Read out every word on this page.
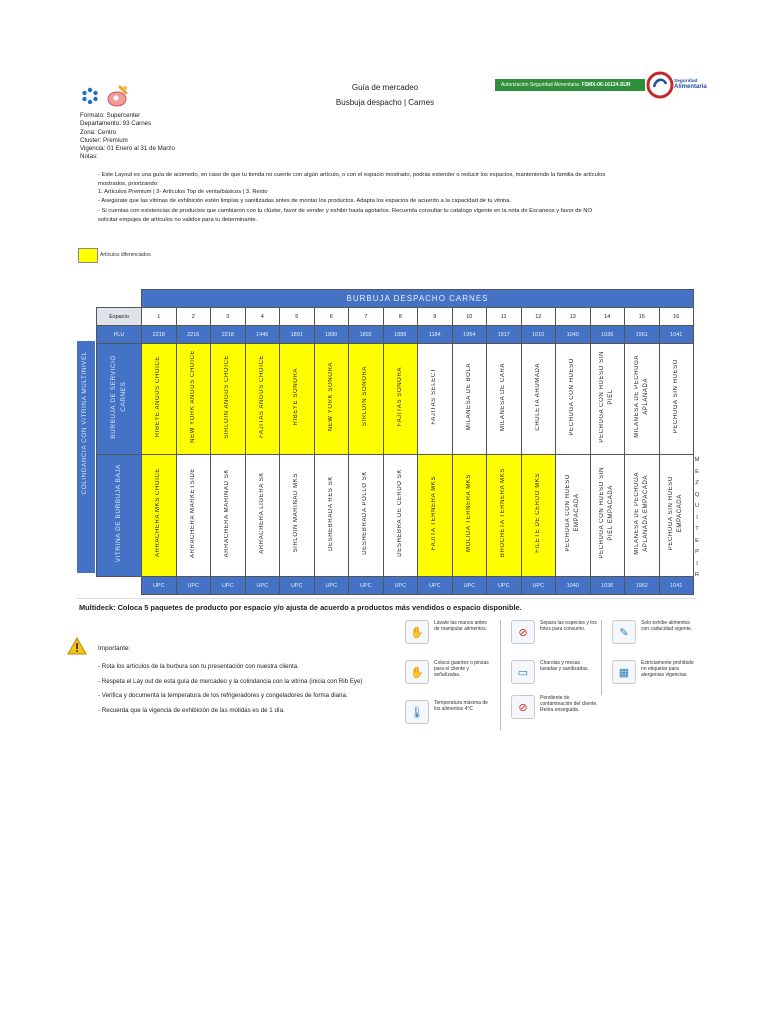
Guía de mercadeo
Busbuja despacho | Carnes
Autorización Seguridad Alimentaria: FSMX-06-16124-SUR
Seguridad
Alimentaria
Formato: Supercenter
Departamento: 93 Carnes
Zona: Centro
Cluster: Premium
Vigencia: 01 Enero al 31 de Marzo
Notas:

- Este Layout es una guía de acomodo, en caso de que tu tienda no cuente con algún artículo, o con el espacio mostrado, podrás extender o reducir los espacios, manteniendo la familia de artículos

mostrados, priorizando:

1. Artículos Premium | 2- Artículos Top de venta/básicos | 3. Resto

- Asegúrate que las vitrinas de exhibición estén limpias y sanitizadas antes de montar los productos. Adapta los espacios de acuerdo a la capacidad de tu vitrina.

- Si cuentas con existencias de productos que cambiaron con tu clúster, favor de vender y exhibir hasta agotarlos. Recuerda consultar tu catalogo vigente en la nota de Escaneos y favor de NO

solicitar empujes de artículos no validos para tu determinante.

Artículos diferenciados
COLINDANCIA CON VITRINA MULTINIVEL
	BURBUJA DESPACHO CARNES															
Espacio	1	2	3	4	5	6	7	8	9	10	11	12	13	14	15	16
PLU	2218	2216	2218	1446	1891	1890	1892	1889	1184	1954	1917	1010	1040	1036	1961	1041
BURBUJA DE SERVICIO
CARNES	RIBEYE ANGUS CHOICE	NEW YORK ANGUS CHOICE	SIRLOIN ANGUS CHOICE	FAJITAS ANGUS CHOICE	RIBEYE SONORA	NEW YORK SONORA	SIRLOIN SONORA	FAJITAS SONORA	FAJITAS SELECT	MILANESA DE BOLA	MILANESA DE CARA	CHULETA AHUMADA	PECHUGA CON HUESO	PECHUGA CON HUESO SIN
PIEL	MILANESA DE PECHUGA
APLANADA	PECHUGA SIN HUESO
VITRINA DE BURBUJA BAJA	ARRACHERA MKS CHOICE	ARRACHERA MARKETSIDE	ARRACHERA MARINAD SK	ARRACHERA LIGERA SK	SIRLOIN MARINAD MKS	DESHEBRADA RES SK	DESHEBRADA POLLO SK	DESHEBRA DE CERDO SK	FAJITA TERNERA MKS	MOLIDA TERNERA MKS	BROCHETA TERNERA MKS	FILETE DE CERDO MKS	PECHUGA CON HUESO
EMPACADA	PECHUGA CON HUESO SIN
PIEL EMPACADA	MILANESA DE PECHUGA
APLANADA EMPACADA	PECHUGA SIN HUESO
EMPACADA
	UPC	UPC	UPC	UPC	UPC	UPC	UPC	UPC	UPC	UPC	UPC	UPC	1040	1036	1962	1041
M
E
Z
Q
U
I
T
E
P
I
R
Multideck: Coloca 5 paquetes de producto por espacio y/o ajusta de acuerdo a productos más vendidos o espacio disponible.
Importante:
- Rota los artículos de la burbura son tu presentación con nuestra clienta.
- Respeta el Lay out de esta guía de mercadeo y la colindancia con la vitrina (inicia con Rib Eye)
- Verifica y documenta la temperatura de los refrigeradores y congeladores de forma diaria.
- Recuerda que la vigencia de exhibición de las molidas es de 1 día.
✋
Lávate las manos antes de manipular alimentos.	⊘
Separa las especies y los fotos para consumo.	✎
Solo exhibe alimentos con caducidad vigente.
✋
Coloca guantes o pinzas para el cliente y señalízalas.	▭
Charolas y mesas lavadas y sanitizadas.	▦
Estrictamente prohibido no etiquetar para alergenias vigencias.
🌡
Temperatura máxima de los alimentos 4°C	⊘
Pendiente de contaminación del cliente. Retira enseguida.
